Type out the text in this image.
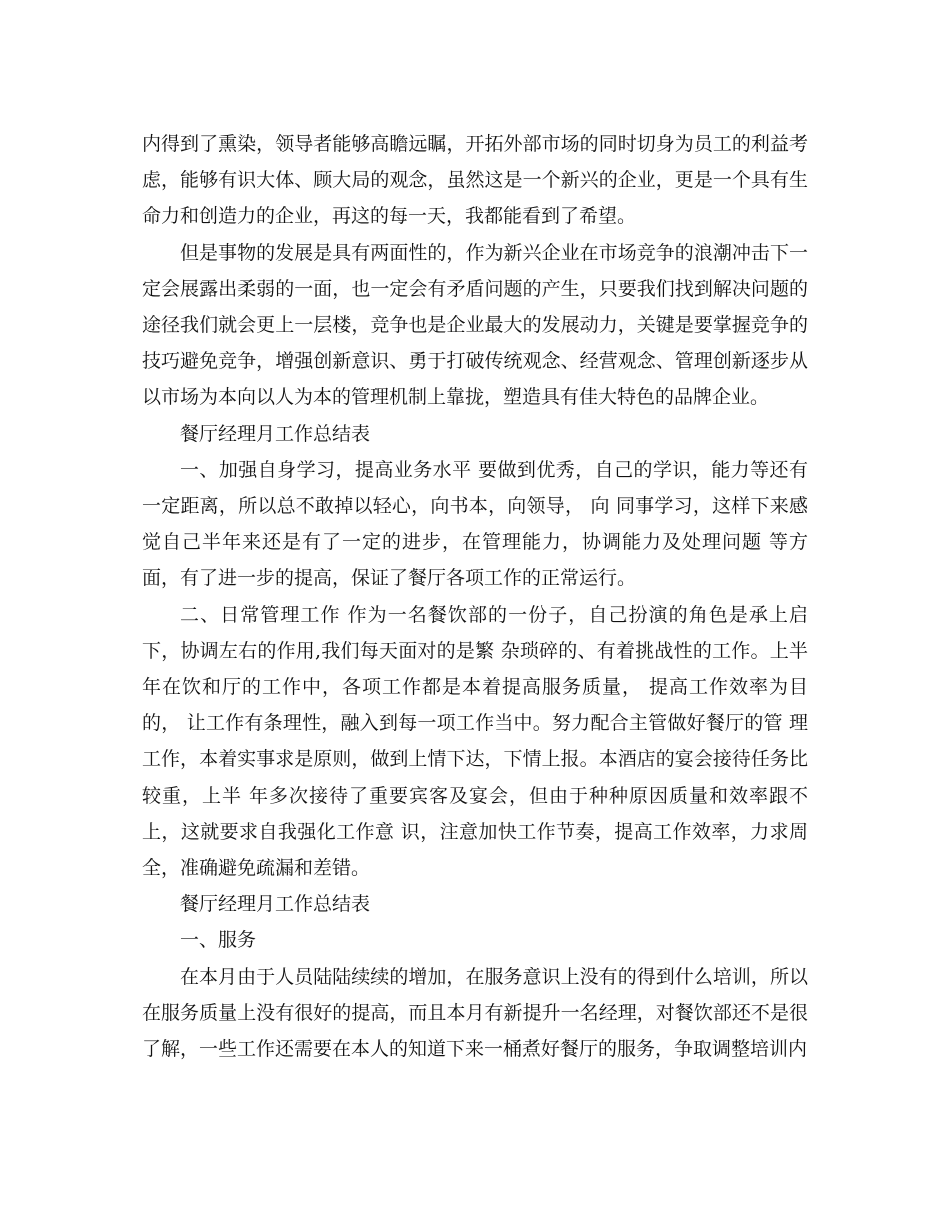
内得到了熏染，领导者能够高瞻远瞩，开拓外部市场的同时切身为员工的利益考虑，能够有识大体、顾大局的观念，虽然这是一个新兴的企业，更是一个具有生命力和创造力的企业，再这的每一天，我都能看到了希望。

但是事物的发展是具有两面性的，作为新兴企业在市场竞争的浪潮冲击下一定会展露出柔弱的一面，也一定会有矛盾问题的产生，只要我们找到解决问题的途径我们就会更上一层楼，竞争也是企业最大的发展动力，关键是要掌握竞争的技巧避免竞争，增强创新意识、勇于打破传统观念、经营观念、管理创新逐步从以市场为本向以人为本的管理机制上靠拢，塑造具有佳大特色的品牌企业。

餐厅经理月工作总结表

一、加强自身学习，提高业务水平 要做到优秀，自己的学识，能力等还有一定距离，所以总不敢掉以轻心，向书本，向领导， 向 同事学习，这样下来感觉自己半年来还是有了一定的进步，在管理能力，协调能力及处理问题 等方面，有了进一步的提高，保证了餐厅各项工作的正常运行。

二、日常管理工作 作为一名餐饮部的一份子，自己扮演的角色是承上启下，协调左右的作用,我们每天面对的是繁 杂琐碎的、有着挑战性的工作。上半年在饮和厅的工作中，各项工作都是本着提高服务质量， 提高工作效率为目的， 让工作有条理性，融入到每一项工作当中。努力配合主管做好餐厅的管 理工作，本着实事求是原则，做到上情下达，下情上报。本酒店的宴会接待任务比较重，上半 年多次接待了重要宾客及宴会，但由于种种原因质量和效率跟不上，这就要求自我强化工作意 识，注意加快工作节奏，提高工作效率，力求周全，准确避免疏漏和差错。

餐厅经理月工作总结表

一、服务

在本月由于人员陆陆续续的增加，在服务意识上没有的得到什么培训，所以在服务质量上没有很好的提高，而且本月有新提升一名经理，对餐饮部还不是很了解，一些工作还需要在本人的知道下来一桶煮好餐厅的服务，争取调整培训内
